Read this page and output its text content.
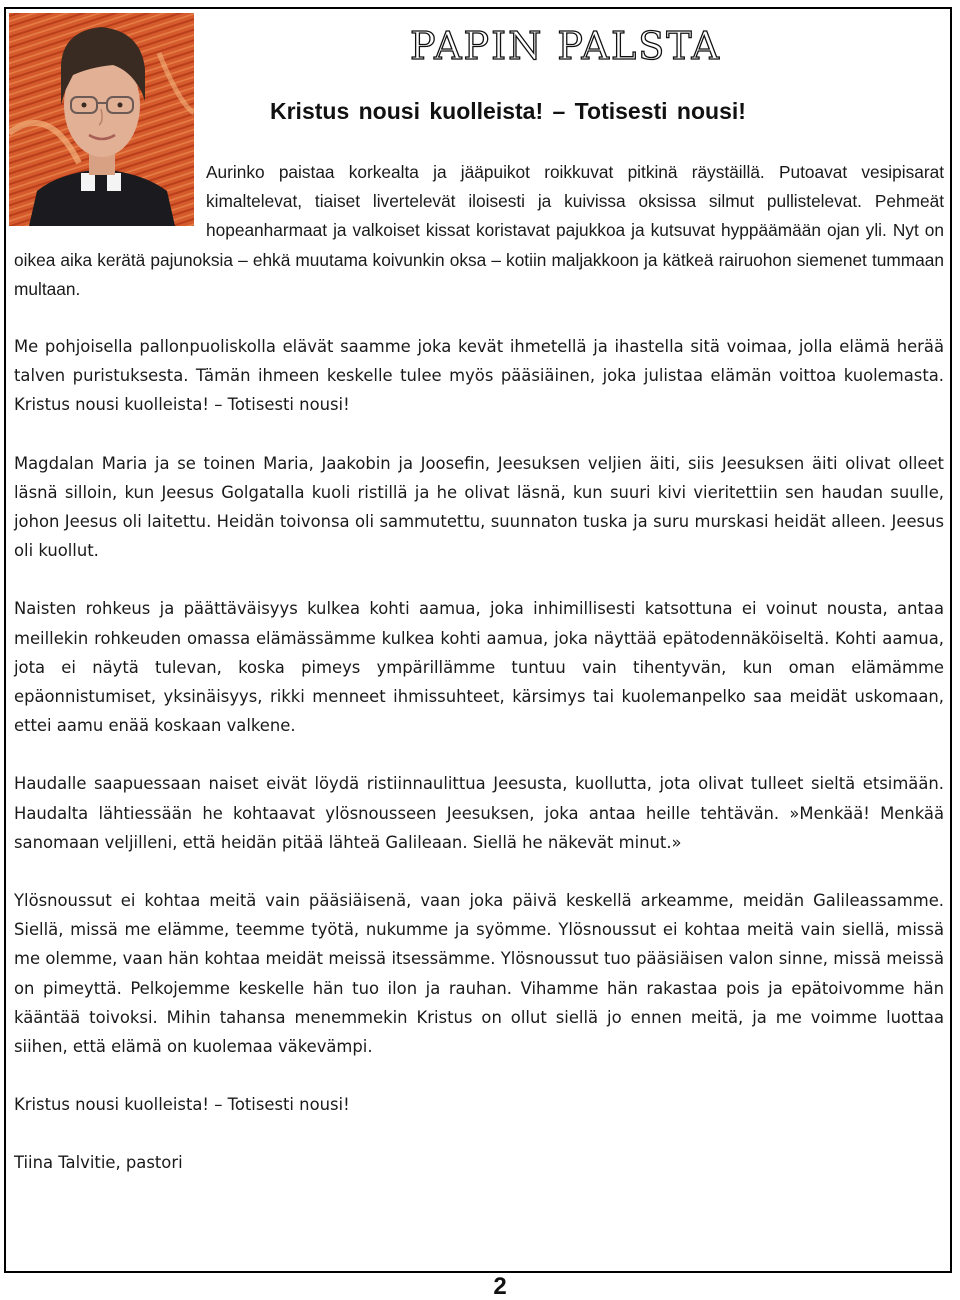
PAPIN PALSTA
Kristus nousi kuolleista! – Totisesti nousi!

Aurinko paistaa korkealta ja jääpuikot roikkuvat pitkinä räystäillä. Putoavat vesipisarat kimaltelevat, tiaiset livertelevät iloisesti ja kuivissa oksissa silmut pullistelevat. Pehmeät hopeanharmaat ja valkoiset kissat koristavat pajukkoa ja kutsuvat hyppäämään ojan yli. Nyt on oikea aika kerätä pajunoksia – ehkä muutama koivunkin oksa – kotiin maljakkoon ja kätkeä rairuohon siemenet tummaan multaan.

Me pohjoisella pallonpuoliskolla elävät saamme joka kevät ihmetellä ja ihastella sitä voimaa, jolla elämä herää talven puristuksesta. Tämän ihmeen keskelle tulee myös pääsiäinen, joka julistaa elämän voittoa kuolemasta. Kristus nousi kuolleista! – Totisesti nousi!

Magdalan Maria ja se toinen Maria, Jaakobin ja Joosefin, Jeesuksen veljien äiti, siis Jeesuksen äiti olivat olleet läsnä silloin, kun Jeesus Golgatalla kuoli ristillä ja he olivat läsnä, kun suuri kivi vieritettiin sen haudan suulle, johon Jeesus oli laitettu. Heidän toivonsa oli sammutettu, suunnaton tuska ja suru murskasi heidät alleen. Jeesus oli kuollut.

Naisten rohkeus ja päättäväisyys kulkea kohti aamua, joka inhimillisesti katsottuna ei voinut nousta, antaa meillekin rohkeuden omassa elämässämme kulkea kohti aamua, joka näyttää epätodennäköiseltä. Kohti aamua, jota ei näytä tulevan, koska pimeys ympärillämme tuntuu vain tihentyvän, kun oman elämämme epäonnistumiset, yksinäisyys, rikki menneet ihmissuhteet, kärsimys tai kuolemanpelko saa meidät uskomaan, ettei aamu enää koskaan valkene.

Haudalle saapuessaan naiset eivät löydä ristiinnaulittua Jeesusta, kuollutta, jota olivat tulleet sieltä etsimään. Haudalta lähtiessään he kohtaavat ylösnousseen Jeesuksen, joka antaa heille tehtävän. »Menkää! Menkää sanomaan veljilleni, että heidän pitää lähteä Galileaan. Siellä he näkevät minut.»

Ylösnoussut ei kohtaa meitä vain pääsiäisenä, vaan joka päivä keskellä arkeamme, meidän Galileassamme. Siellä, missä me elämme, teemme työtä, nukumme ja syömme. Ylösnoussut ei kohtaa meitä vain siellä, missä me olemme, vaan hän kohtaa meidät meissä itsessämme. Ylösnoussut tuo pääsiäisen valon sinne, missä meissä on pimeyttä. Pelkojemme keskelle hän tuo ilon ja rauhan. Vihamme hän rakastaa pois ja epätoivomme hän kääntää toivoksi. Mihin tahansa menemmekin Kristus on ollut siellä jo ennen meitä, ja me voimme luottaa siihen, että elämä on kuolemaa väkevämpi.

Kristus nousi kuolleista! – Totisesti nousi!

Tiina Talvitie, pastori

2
